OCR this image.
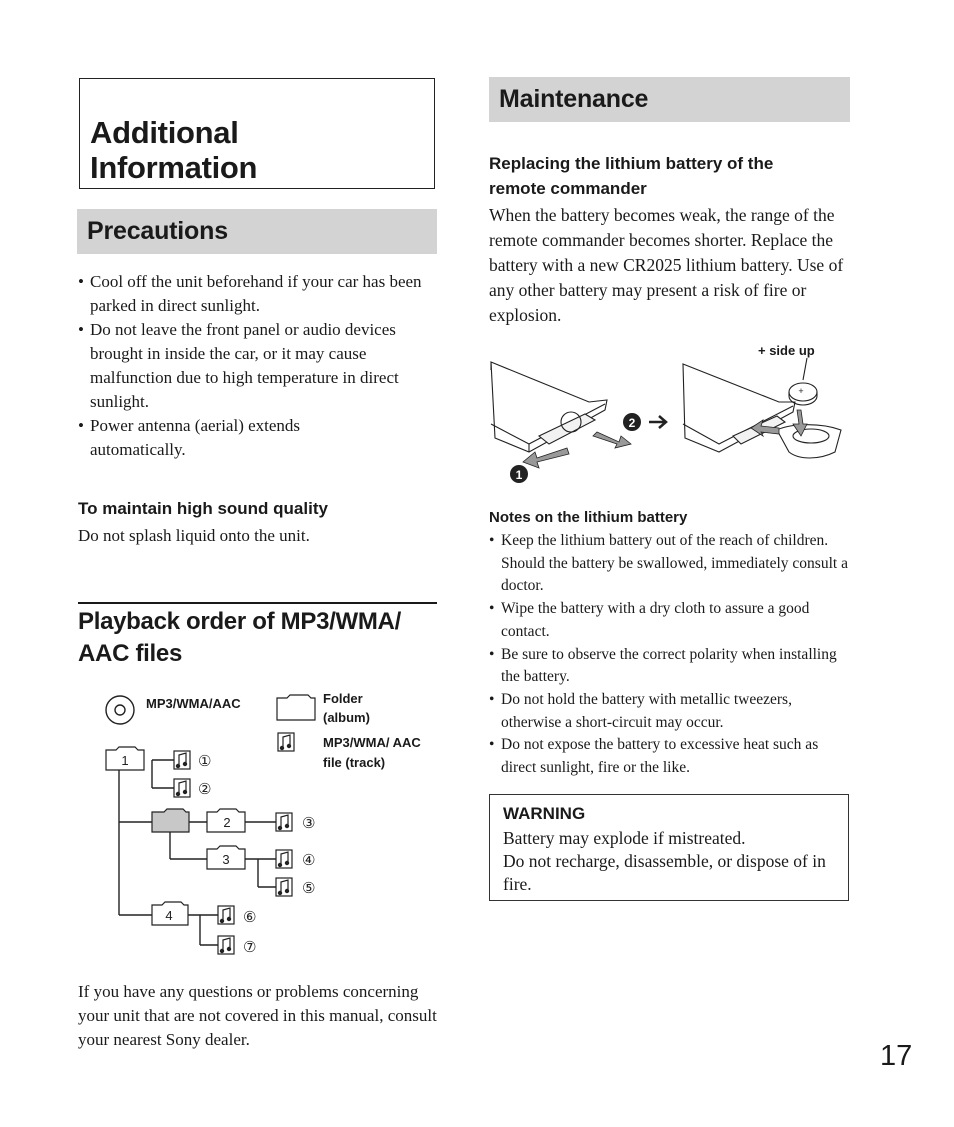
Additional Information
Precautions
• Cool off the unit beforehand if your car has been parked in direct sunlight.
• Do not leave the front panel or audio devices brought in inside the car, or it may cause malfunction due to high temperature in direct sunlight.
• Power antenna (aerial) extends automatically.
To maintain high sound quality
Do not splash liquid onto the unit.
Playback order of MP3/WMA/ AAC files
1
2
3
4
①
②
③
④
⑤
⑥
⑦
MP3/WMA/AAC	Folder (album)
MP3/WMA/ AAC file (track)
If you have any questions or problems concerning your unit that are not covered in this manual, consult your nearest Sony dealer.
Maintenance
Replacing the lithium battery of the remote commander
When the battery becomes weak, the range of the remote commander becomes shorter. Replace the battery with a new CR2025 lithium battery. Use of any other battery may present a risk of fire or explosion.
+
1
2
+ side up
Notes on the lithium battery
• Keep the lithium battery out of the reach of children. Should the battery be swallowed, immediately consult a doctor.
• Wipe the battery with a dry cloth to assure a good contact.
• Be sure to observe the correct polarity when installing the battery.
• Do not hold the battery with metallic tweezers, otherwise a short-circuit may occur.
• Do not expose the battery to excessive heat such as direct sunlight, fire or the like.
WARNING
Battery may explode if mistreated.
Do not recharge, disassemble, or dispose of in fire.
17
